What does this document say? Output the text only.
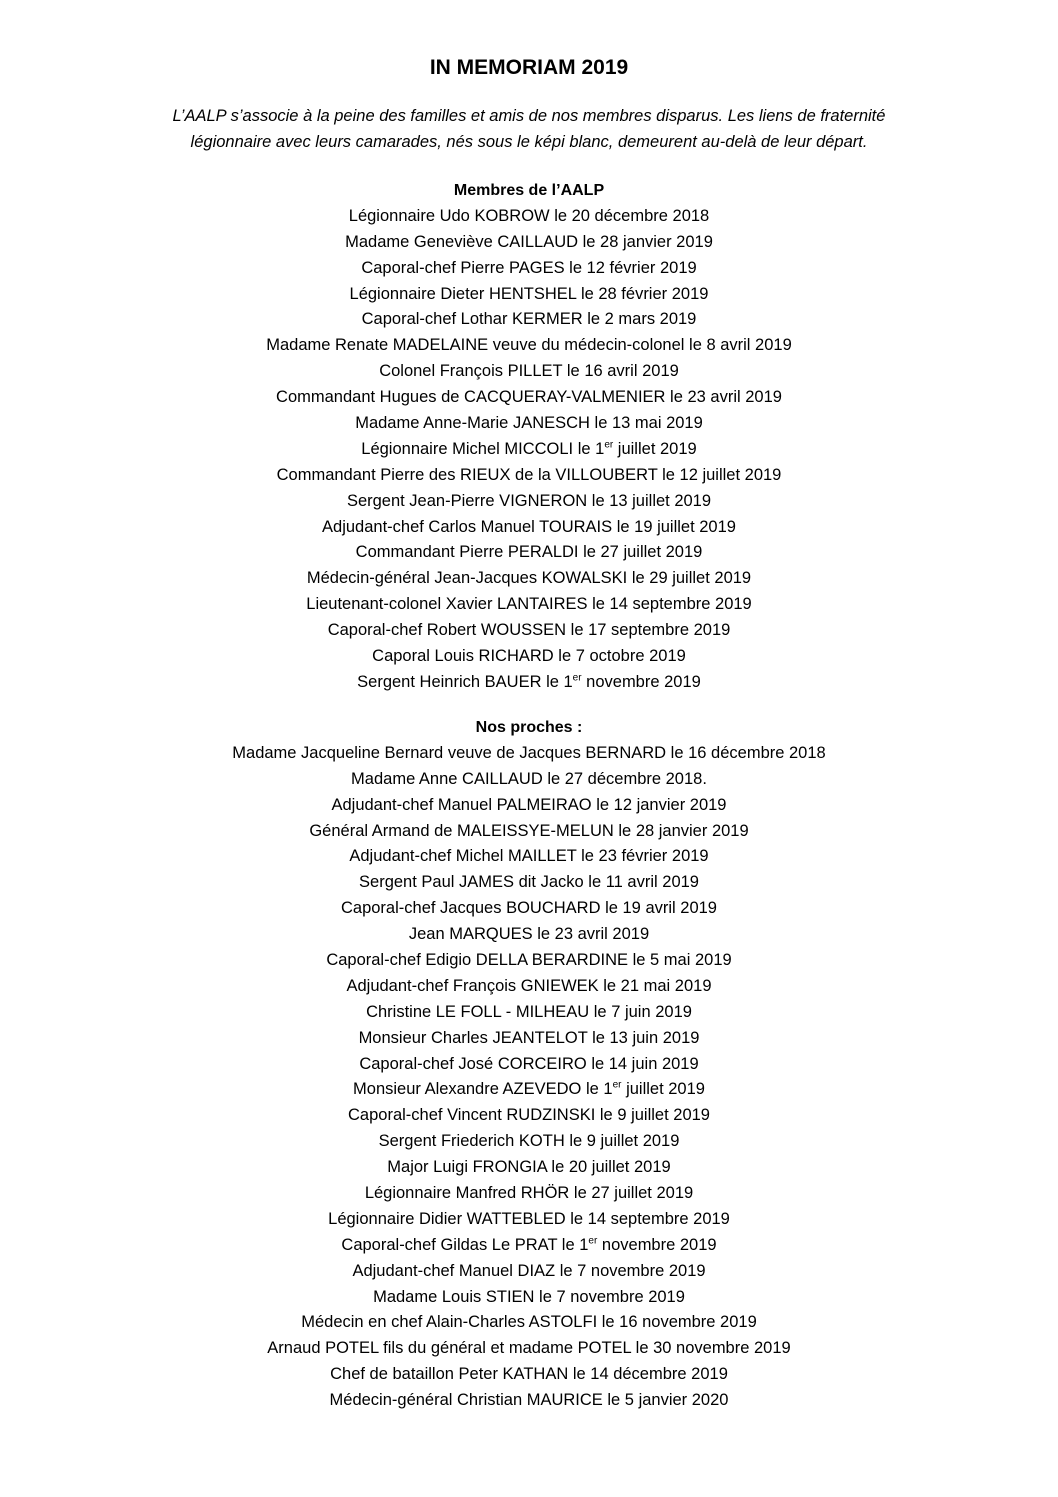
IN MEMORIAM 2019

L’AALP s’associe à la peine des familles et amis de nos membres disparus. Les liens de fraternité
légionnaire avec leurs camarades, nés sous le képi blanc, demeurent au-delà de leur départ.

Membres de l’AALP
Légionnaire Udo KOBROW le 20 décembre 2018
Madame Geneviève CAILLAUD le 28 janvier 2019
Caporal-chef Pierre PAGES le 12 février 2019
Légionnaire Dieter HENTSHEL le 28 février 2019
Caporal-chef Lothar KERMER le 2 mars 2019
Madame Renate MADELAINE veuve du médecin-colonel le 8 avril 2019
Colonel François PILLET le 16 avril 2019
Commandant Hugues de CACQUERAY-VALMENIER le 23 avril 2019
Madame Anne-Marie JANESCH le 13 mai 2019
Légionnaire Michel MICCOLI le 1er juillet 2019
Commandant Pierre des RIEUX de la VILLOUBERT le 12 juillet 2019
Sergent Jean-Pierre VIGNERON le 13 juillet 2019
Adjudant-chef Carlos Manuel TOURAIS le 19 juillet 2019
Commandant Pierre PERALDI le 27 juillet 2019
Médecin-général Jean-Jacques KOWALSKI le 29 juillet 2019
Lieutenant-colonel Xavier LANTAIRES le 14 septembre 2019
Caporal-chef Robert WOUSSEN le 17 septembre 2019
Caporal Louis RICHARD le 7 octobre 2019
Sergent Heinrich BAUER le 1er novembre 2019
Nos proches :
Madame Jacqueline Bernard veuve de Jacques BERNARD le 16 décembre 2018
Madame Anne CAILLAUD le 27 décembre 2018.
Adjudant-chef Manuel PALMEIRAO le 12 janvier 2019
Général Armand de MALEISSYE-MELUN le 28 janvier 2019
Adjudant-chef Michel MAILLET le 23 février 2019
Sergent Paul JAMES dit Jacko le 11 avril 2019
Caporal-chef Jacques BOUCHARD le 19 avril 2019
Jean MARQUES le 23 avril 2019
Caporal-chef Edigio DELLA BERARDINE le 5 mai 2019
Adjudant-chef François GNIEWEK le 21 mai 2019
Christine LE FOLL - MILHEAU le 7 juin 2019
Monsieur Charles JEANTELOT le 13 juin 2019
Caporal-chef José CORCEIRO le 14 juin 2019
Monsieur Alexandre AZEVEDO le 1er juillet 2019
Caporal-chef Vincent RUDZINSKI le 9 juillet 2019
Sergent Friederich KOTH le 9 juillet 2019
Major Luigi FRONGIA le 20 juillet 2019
Légionnaire Manfred RHÖR le 27 juillet 2019
Légionnaire Didier WATTEBLED le 14 septembre 2019
Caporal-chef Gildas Le PRAT le 1er novembre 2019
Adjudant-chef Manuel DIAZ le 7 novembre 2019
Madame Louis STIEN le 7 novembre 2019
Médecin en chef Alain-Charles ASTOLFI le 16 novembre 2019
Arnaud POTEL fils du général et madame POTEL le 30 novembre 2019
Chef de bataillon Peter KATHAN le 14 décembre 2019
Médecin-général Christian MAURICE le 5 janvier 2020
